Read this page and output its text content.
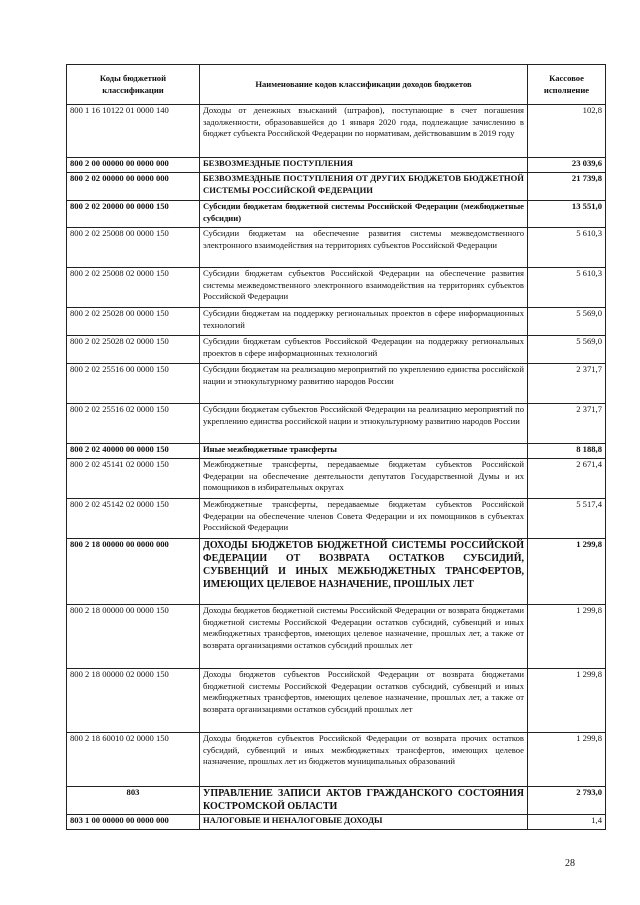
Коды бюджетной классификации	Наименование кодов классификации доходов бюджетов	Кассовое исполнение
800 1 16 10122 01 0000 140	Доходы от денежных взысканий (штрафов), поступающие в счет погашения задолженности, образовавшейся до 1 января 2020 года, подлежащие зачислению в бюджет субъекта Российской Федерации по нормативам, действовавшим в 2019 году	102,8
800 2 00 00000 00 0000 000	БЕЗВОЗМЕЗДНЫЕ ПОСТУПЛЕНИЯ	23 039,6
800 2 02 00000 00 0000 000	БЕЗВОЗМЕЗДНЫЕ ПОСТУПЛЕНИЯ ОТ ДРУГИХ БЮДЖЕТОВ БЮДЖЕТНОЙ СИСТЕМЫ РОССИЙСКОЙ ФЕДЕРАЦИИ	21 739,8
800 2 02 20000 00 0000 150	Субсидии бюджетам бюджетной системы Российской Федерации (межбюджетные субсидии)	13 551,0
800 2 02 25008 00 0000 150	Субсидии бюджетам на обеспечение развития системы межведомственного электронного взаимодействия на территориях субъектов Российской Федерации	5 610,3
800 2 02 25008 02 0000 150	Субсидии бюджетам субъектов Российской Федерации на обеспечение развития системы межведомственного электронного взаимодействия на территориях субъектов Российской Федерации	5 610,3
800 2 02 25028 00 0000 150	Субсидии бюджетам на поддержку региональных проектов в сфере информационных технологий	5 569,0
800 2 02 25028 02 0000 150	Субсидии бюджетам субъектов Российской Федерации на поддержку региональных проектов в сфере информационных технологий	5 569,0
800 2 02 25516 00 0000 150	Субсидии бюджетам на реализацию мероприятий по укреплению единства российской нации и этнокультурному развитию народов России	2 371,7
800 2 02 25516 02 0000 150	Субсидии бюджетам субъектов Российской Федерации на реализацию мероприятий по укреплению единства российской нации и этнокультурному развитию народов России	2 371,7
800 2 02 40000 00 0000 150	Иные межбюджетные трансферты	8 188,8
800 2 02 45141 02 0000 150	Межбюджетные трансферты, передаваемые бюджетам субъектов Российской Федерации на обеспечение деятельности депутатов Государственной Думы и их помощников в избирательных округах	2 671,4
800 2 02 45142 02 0000 150	Межбюджетные трансферты, передаваемые бюджетам субъектов Российской Федерации на обеспечение членов Совета Федерации и их помощников в субъектах Российской Федерации	5 517,4
800 2 18 00000 00 0000 000	ДОХОДЫ БЮДЖЕТОВ БЮДЖЕТНОЙ СИСТЕМЫ РОССИЙСКОЙ ФЕДЕРАЦИИ ОТ ВОЗВРАТА ОСТАТКОВ СУБСИДИЙ, СУБВЕНЦИЙ И ИНЫХ МЕЖБЮДЖЕТНЫХ ТРАНСФЕРТОВ, ИМЕЮЩИХ ЦЕЛЕВОЕ НАЗНАЧЕНИЕ, ПРОШЛЫХ ЛЕТ	1 299,8
800 2 18 00000 00 0000 150	Доходы бюджетов бюджетной системы Российской Федерации от возврата бюджетами бюджетной системы Российской Федерации остатков субсидий, субвенций и иных межбюджетных трансфертов, имеющих целевое назначение, прошлых лет, а также от возврата организациями остатков субсидий прошлых лет	1 299,8
800 2 18 00000 02 0000 150	Доходы бюджетов субъектов Российской Федерации от возврата бюджетами бюджетной системы Российской Федерации остатков субсидий, субвенций и иных межбюджетных трансфертов, имеющих целевое назначение, прошлых лет, а также от возврата организациями остатков субсидий прошлых лет	1 299,8
800 2 18 60010 02 0000 150	Доходы бюджетов субъектов Российской Федерации от возврата прочих остатков субсидий, субвенций и иных межбюджетных трансфертов, имеющих целевое назначение, прошлых лет из бюджетов муниципальных образований	1 299,8
803	УПРАВЛЕНИЕ ЗАПИСИ АКТОВ ГРАЖДАНСКОГО СОСТОЯНИЯ КОСТРОМСКОЙ ОБЛАСТИ	2 793,0
803 1 00 00000 00 0000 000	НАЛОГОВЫЕ И НЕНАЛОГОВЫЕ ДОХОДЫ	1,4
28
